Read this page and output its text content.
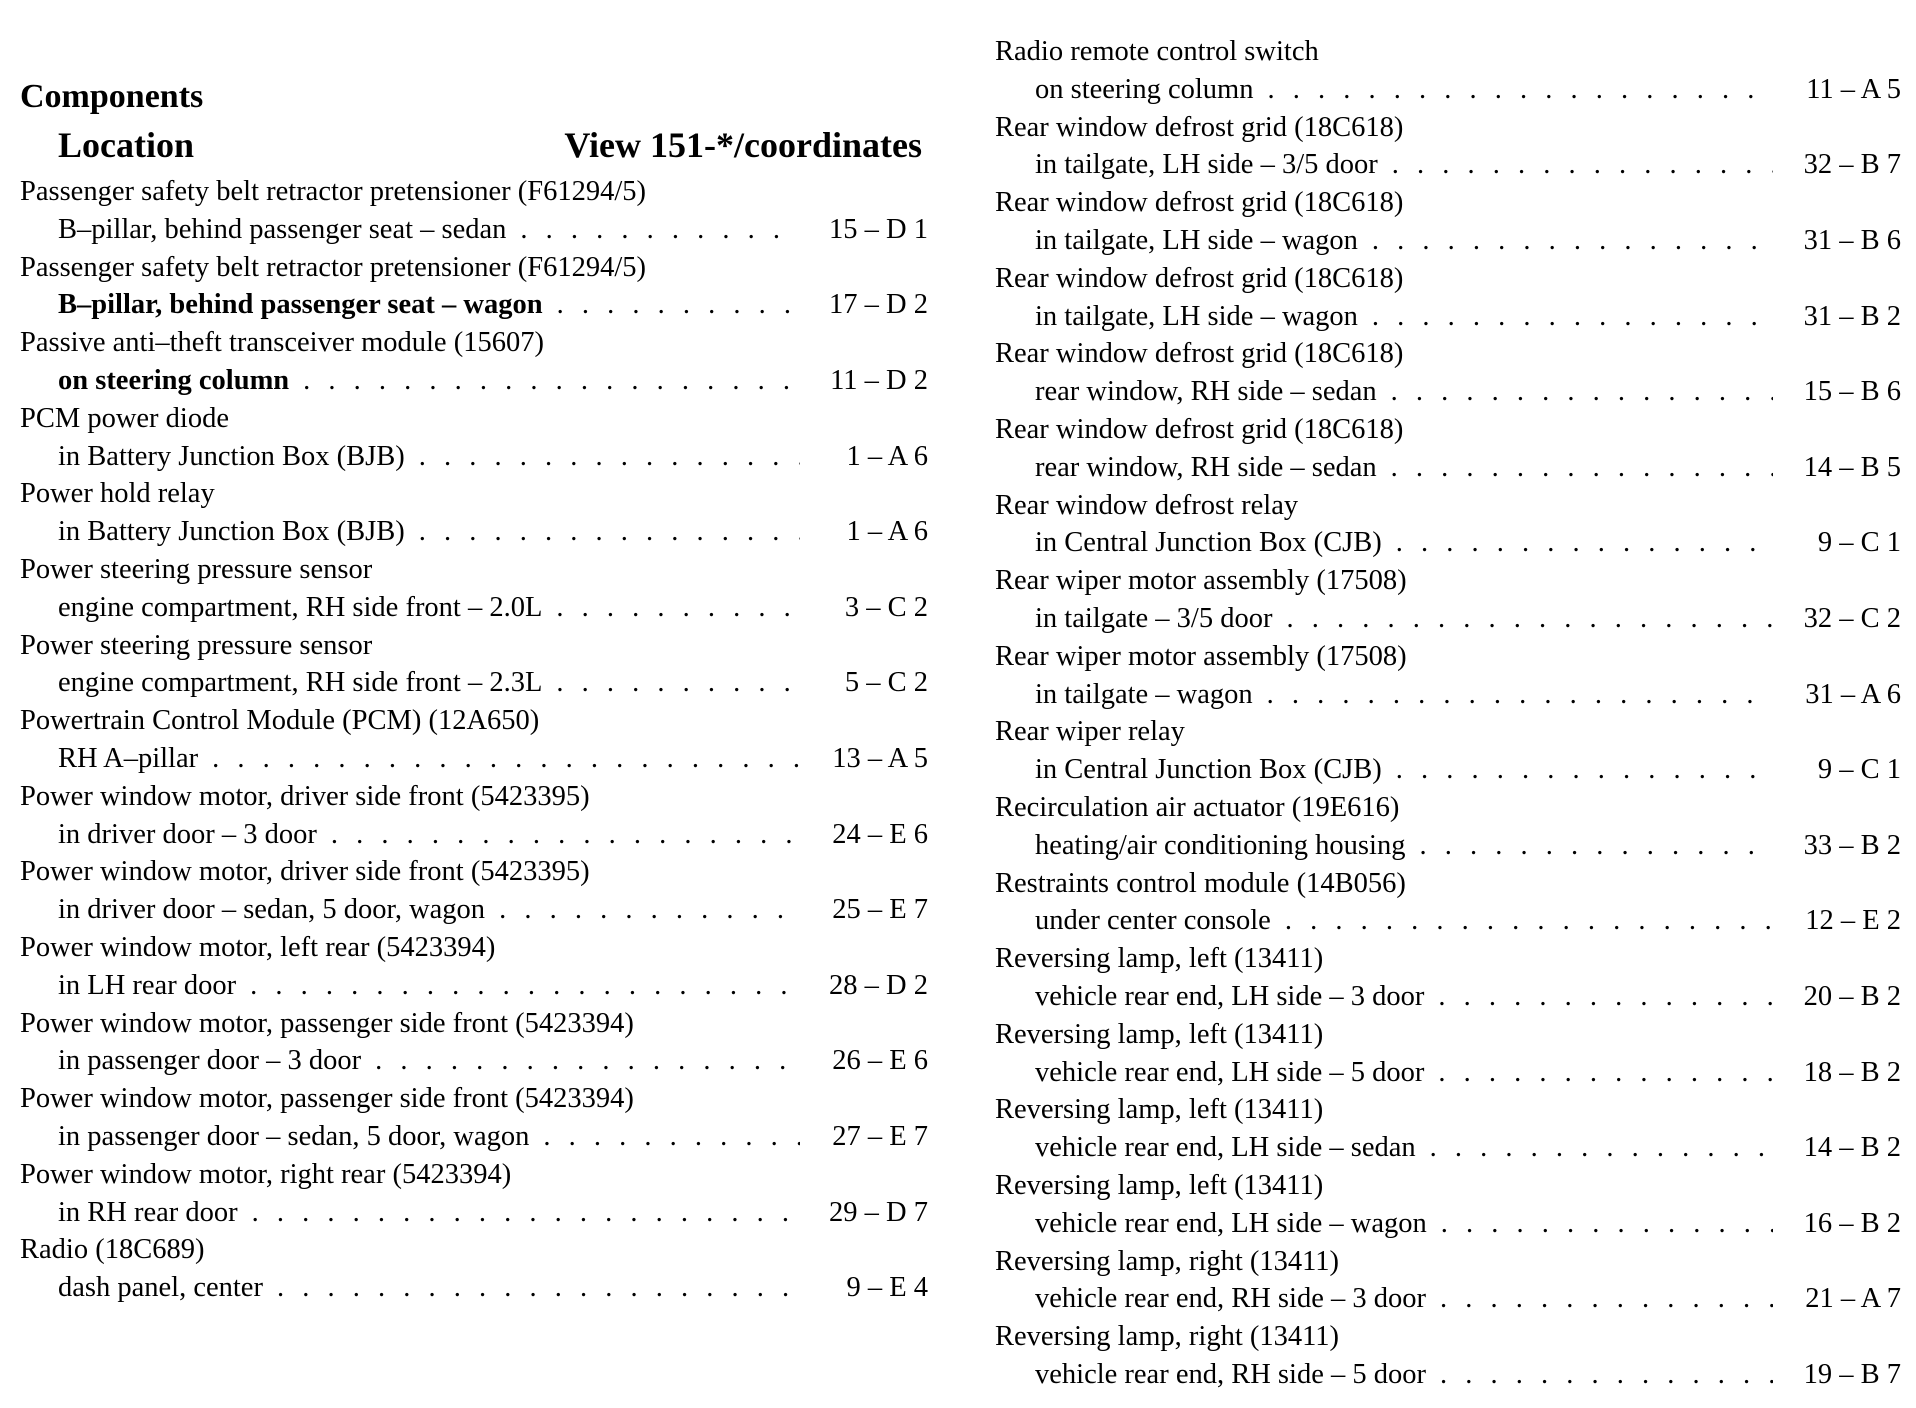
Components
Location	View 151-*/coordinates
Passenger safety belt retractor pretensioner (F61294/5)
B–pillar, behind passenger seat – sedan . . .	15 – D 1
Passenger safety belt retractor pretensioner (F61294/5)
B–pillar, behind passenger seat – wagon . . .	17 – D 2
Passive anti–theft transceiver module (15607)
on steering column . . .	11 – D 2
PCM power diode
in Battery Junction Box (BJB) . . .	1 – A 6
Power hold relay
in Battery Junction Box (BJB) . . .	1 – A 6
Power steering pressure sensor
engine compartment, RH side front – 2.0L . . .	3 – C 2
Power steering pressure sensor
engine compartment, RH side front – 2.3L . . .	5 – C 2
Powertrain Control Module (PCM) (12A650)
RH A–pillar . . .	13 – A 5
Power window motor, driver side front (5423395)
in driver door – 3 door . . .	24 – E 6
Power window motor, driver side front (5423395)
in driver door – sedan, 5 door, wagon . . .	25 – E 7
Power window motor, left rear (5423394)
in LH rear door . . .	28 – D 2
Power window motor, passenger side front (5423394)
in passenger door – 3 door . . .	26 – E 6
Power window motor, passenger side front (5423394)
in passenger door – sedan, 5 door, wagon . . .	27 – E 7
Power window motor, right rear (5423394)
in RH rear door . . .	29 – D 7
Radio (18C689)
dash panel, center . . .	9 – E 4
Radio remote control switch
on steering column . . .	11 – A 5
Rear window defrost grid (18C618)
in tailgate, LH side – 3/5 door . . .	32 – B 7
Rear window defrost grid (18C618)
in tailgate, LH side – wagon . . .	31 – B 6
Rear window defrost grid (18C618)
in tailgate, LH side – wagon . . .	31 – B 2
Rear window defrost grid (18C618)
rear window, RH side – sedan . . .	15 – B 6
Rear window defrost grid (18C618)
rear window, RH side – sedan . . .	14 – B 5
Rear window defrost relay
in Central Junction Box (CJB) . . .	9 – C 1
Rear wiper motor assembly (17508)
in tailgate – 3/5 door . . .	32 – C 2
Rear wiper motor assembly (17508)
in tailgate – wagon . . .	31 – A 6
Rear wiper relay
in Central Junction Box (CJB) . . .	9 – C 1
Recirculation air actuator (19E616)
heating/air conditioning housing . . .	33 – B 2
Restraints control module (14B056)
under center console . . .	12 – E 2
Reversing lamp, left (13411)
vehicle rear end, LH side – 3 door . . .	20 – B 2
Reversing lamp, left (13411)
vehicle rear end, LH side – 5 door . . .	18 – B 2
Reversing lamp, left (13411)
vehicle rear end, LH side – sedan . . .	14 – B 2
Reversing lamp, left (13411)
vehicle rear end, LH side – wagon . . .	16 – B 2
Reversing lamp, right (13411)
vehicle rear end, RH side – 3 door . . .	21 – A 7
Reversing lamp, right (13411)
vehicle rear end, RH side – 5 door . . .	19 – B 7
